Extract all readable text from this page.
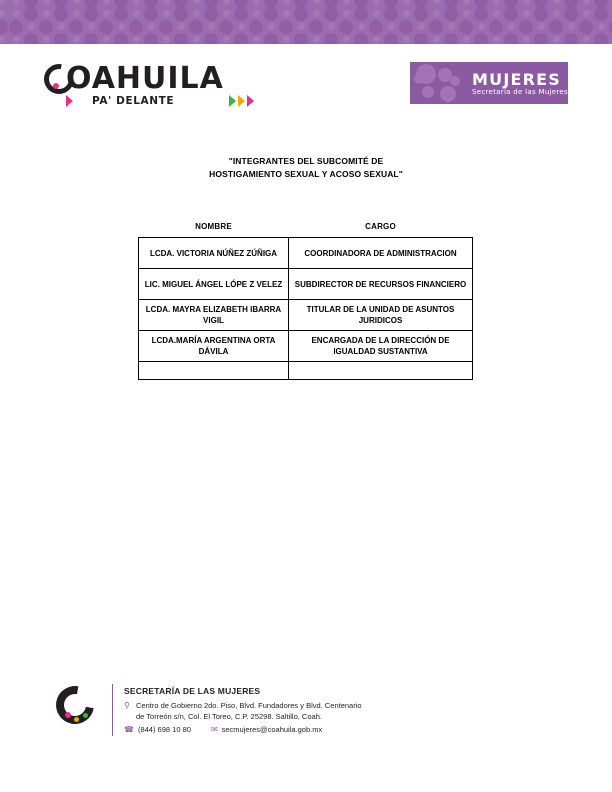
OAHUILA
PA' DELANTE
MUJERES
Secretaría de las Mujeres
"INTEGRANTES DEL SUBCOMITÉ DE
HOSTIGAMIENTO SEXUAL Y ACOSO SEXUAL"
NOMBRE	CARGO
LCDA. VICTORIA NÚÑEZ ZÚÑIGA	COORDINADORA DE ADMINISTRACION
LIC. MIGUEL ÁNGEL LÓPE Z VELEZ	SUBDIRECTOR DE RECURSOS FINANCIERO
LCDA. MAYRA ELIZABETH IBARRA VIGIL	TITULAR DE LA UNIDAD DE ASUNTOS JURIDICOS
LCDA.MARÍA ARGENTINA ORTA DÁVILA	ENCARGADA DE LA DIRECCIÓN DE IGUALDAD SUSTANTIVA

SECRETARÍA DE LAS MUJERES
⚲ Centro de Gobierno 2do. Piso, Blvd. Fundadores y Blvd. Centenario
de Torreón s/n, Col. El Toreo, C.P. 25298. Saltillo, Coah.
☎ (844) 698 10 80	✉ secmujeres@coahuila.gob.mx
